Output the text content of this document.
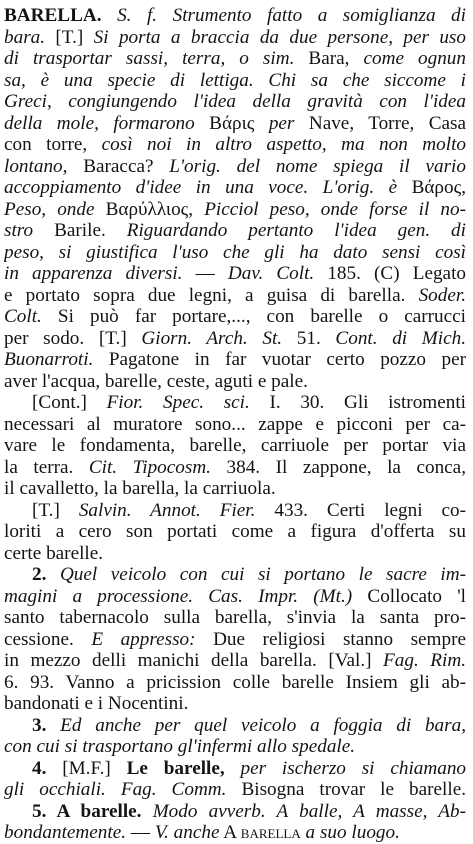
BARELLA. S. f. Strumento fatto a somiglianza di
bara. [T.] Si porta a braccia da due persone, per uso
di trasportar sassi, terra, o sim. Bara, come ognun
sa, è una specie di lettiga. Chi sa che siccome i
Greci, congiungendo l'idea della gravità con l'idea
della mole, formarono Βάρις per Nave, Torre, Casa
con torre, così noi in altro aspetto, ma non molto
lontano, Baracca? L'orig. del nome spiega il vario
accoppiamento d'idee in una voce. L'orig. è Βάρος,
Peso, onde Βαρύλλιος, Picciol peso, onde forse il no-
stro Barile. Riguardando pertanto l'idea gen. di
peso, si giustifica l'uso che gli ha dato sensi così
in apparenza diversi. — Dav. Colt. 185. (C) Legato
e portato sopra due legni, a guisa di barella. Soder.
Colt. Si può far portare,..., con barelle o carrucci
per sodo. [T.] Giorn. Arch. St. 51. Cont. di Mich.
Buonarroti. Pagatone in far vuotar certo pozzo per
aver l'acqua, barelle, ceste, aguti e pale.
[Cont.] Fior. Spec. sci. I. 30. Gli istromenti
necessari al muratore sono... zappe e picconi per ca-
vare le fondamenta, barelle, carriuole per portar via
la terra. Cit. Tipocosm. 384. Il zappone, la conca,
il cavalletto, la barella, la carriuola.
[T.] Salvin. Annot. Fier. 433. Certi legni co-
loriti a cero son portati come a figura d'offerta su
certe barelle.
2. Quel veicolo con cui si portano le sacre im-
magini a processione. Cas. Impr. (Mt.) Collocato 'l
santo tabernacolo sulla barella, s'invia la santa pro-
cessione. E appresso: Due religiosi stanno sempre
in mezzo delli manichi della barella. [Val.] Fag. Rim.
6. 93. Vanno a pricission colle barelle Insiem gli ab-
bandonati e i Nocentini.
3. Ed anche per quel veicolo a foggia di bara,
con cui si trasportano gl'infermi allo spedale.
4. [M.F.] Le barelle, per ischerzo si chiamano
gli occhiali. Fag. Comm. Bisogna trovar le barelle.
5. A barelle. Modo avverb. A balle, A masse, Ab-
bondantemente. — V. anche A barella a suo luogo.
